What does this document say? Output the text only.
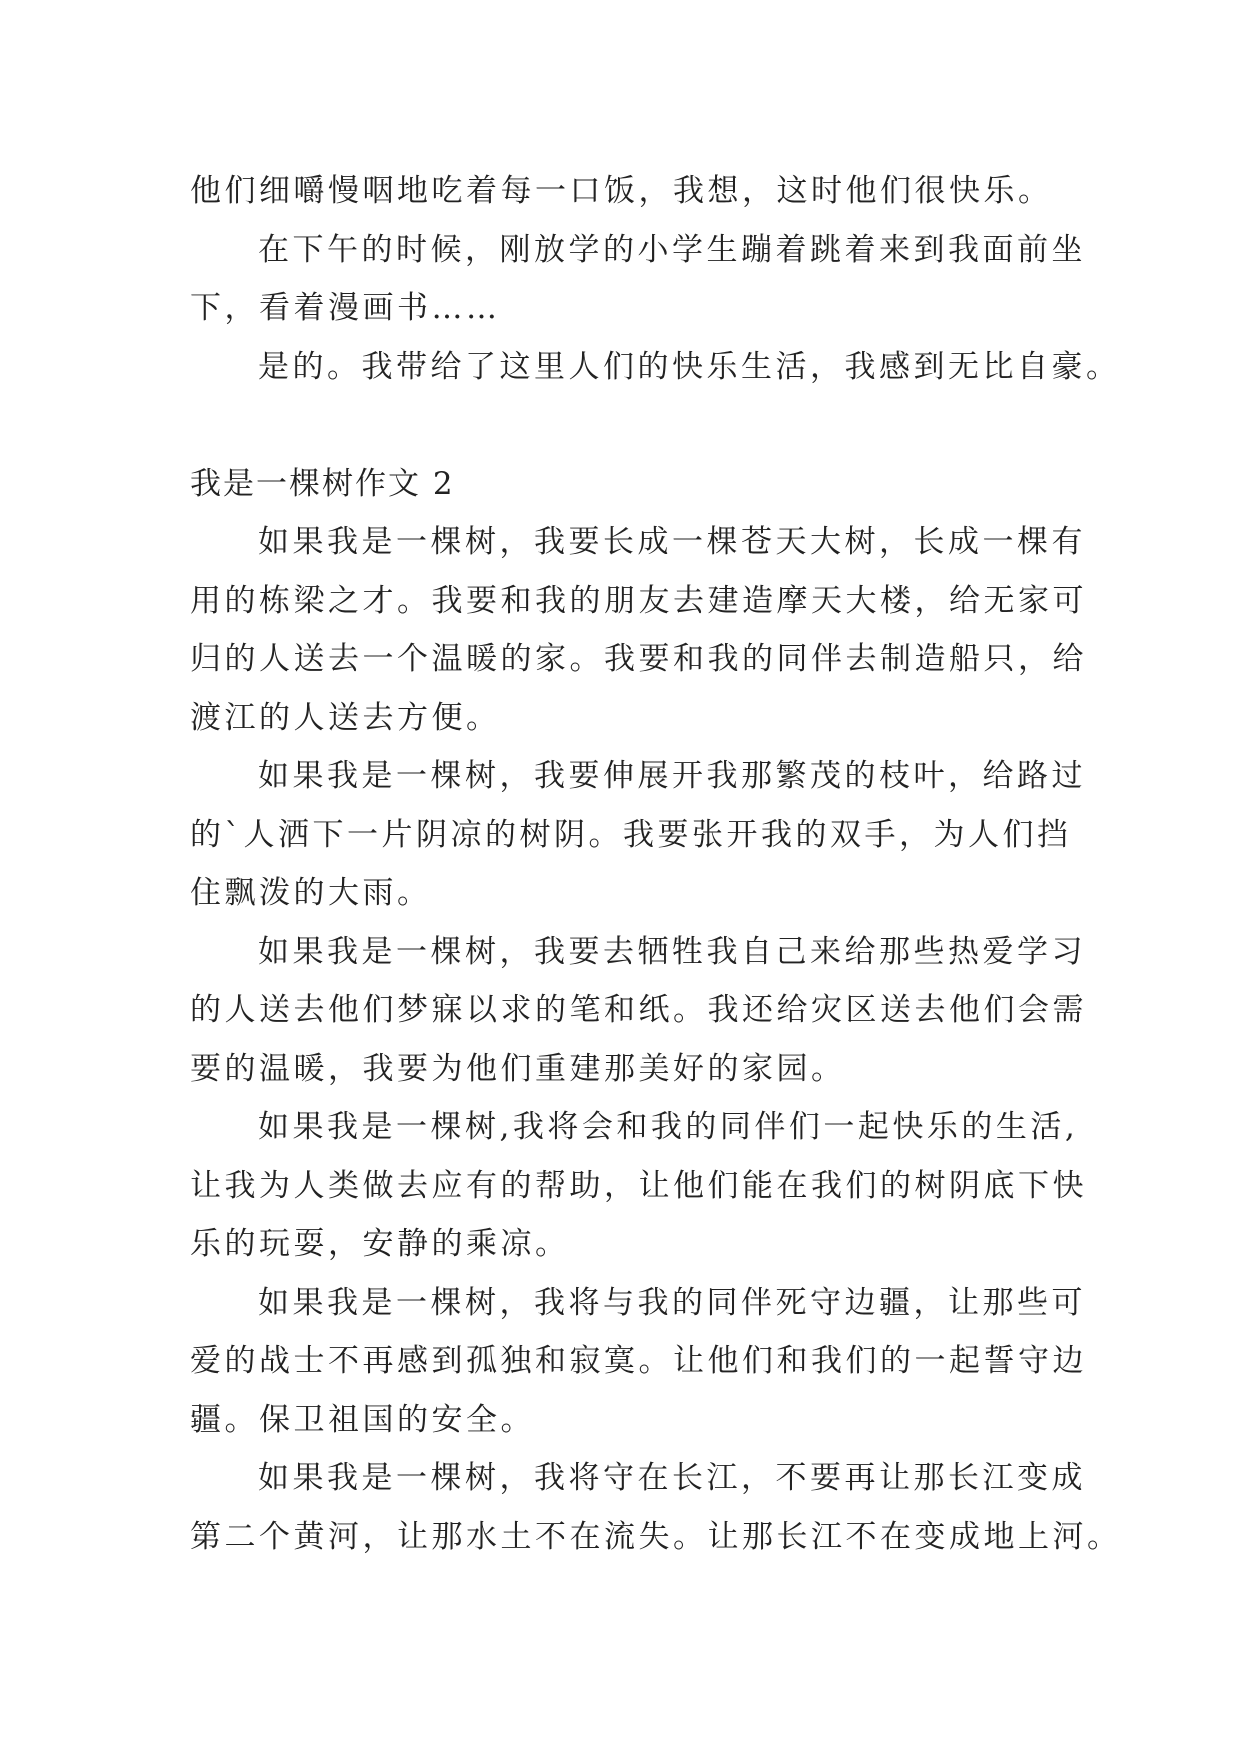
他们细嚼慢咽地吃着每一口饭，我想，这时他们很快乐。
在下午的时候，刚放学的小学生蹦着跳着来到我面前坐
下，看着漫画书……
是的。我带给了这里人们的快乐生活，我感到无比自豪。
我是一棵树作文 2
如果我是一棵树，我要长成一棵苍天大树，长成一棵有
用的栋梁之才。我要和我的朋友去建造摩天大楼，给无家可
归的人送去一个温暖的家。我要和我的同伴去制造船只，给
渡江的人送去方便。
如果我是一棵树，我要伸展开我那繁茂的枝叶，给路过
的`人洒下一片阴凉的树阴。我要张开我的双手，为人们挡
住飘泼的大雨。
如果我是一棵树，我要去牺牲我自己来给那些热爱学习
的人送去他们梦寐以求的笔和纸。我还给灾区送去他们会需
要的温暖，我要为他们重建那美好的家园。
如果我是一棵树,我将会和我的同伴们一起快乐的生活,
让我为人类做去应有的帮助，让他们能在我们的树阴底下快
乐的玩耍，安静的乘凉。
如果我是一棵树，我将与我的同伴死守边疆，让那些可
爱的战士不再感到孤独和寂寞。让他们和我们的一起誓守边
疆。保卫祖国的安全。
如果我是一棵树，我将守在长江，不要再让那长江变成
第二个黄河，让那水土不在流失。让那长江不在变成地上河。
